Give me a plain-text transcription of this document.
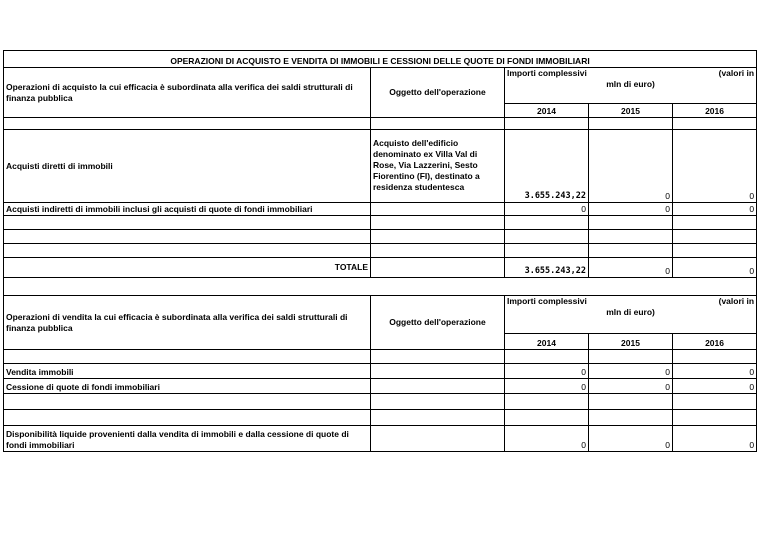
OPERAZIONI DI ACQUISTO E VENDITA DI IMMOBILI E CESSIONI DELLE QUOTE DI FONDI IMMOBILIARI				
Operazioni di acquisto la cui efficacia è subordinata alla verifica dei saldi strutturali di finanza pubblica	Oggetto dell'operazione	Importi complessivi (valori in
mln di euro)		

		2014	2015	2016

Acquisti diretti di immobili	Acquisto dell'edificio denominato ex Villa Val di Rose, Via Lazzerini, Sesto Fiorentino (FI), destinato a residenza studentesca	3.655.243,22	0	0
Acquisti indiretti di immobili inclusi gli acquisti di quote di fondi immobiliari		0	0	0

TOTALE		3.655.243,22	0	0

Operazioni di vendita la cui efficacia è subordinata alla verifica dei saldi strutturali di finanza pubblica	Oggetto dell'operazione	Importi complessivi (valori in
mln di euro)		

		2014	2015	2016

Vendita immobili		0	0	0
Cessione di quote di fondi immobiliari		0	0	0

Disponibilità liquide provenienti dalla vendita di immobili e dalla cessione di quote di fondi immobiliari		0	0	0
